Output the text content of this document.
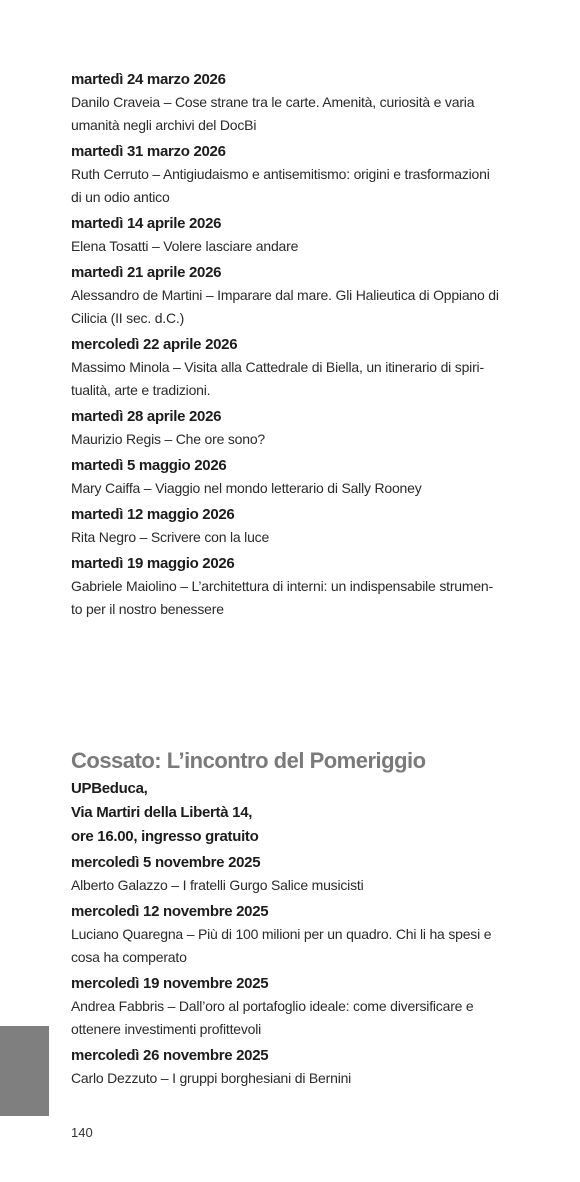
martedì 24 marzo 2026
Danilo Craveia – Cose strane tra le carte. Amenità, curiosità e varia
umanità negli archivi del DocBi
martedì 31 marzo 2026
Ruth Cerruto – Antigiudaismo e antisemitismo: origini e trasformazioni
di un odio antico
martedì 14 aprile 2026
Elena Tosatti – Volere lasciare andare
martedì 21 aprile 2026
Alessandro de Martini – Imparare dal mare. Gli Halieutica di Oppiano di
Cilicia (II sec. d.C.)
mercoledì 22 aprile 2026
Massimo Minola – Visita alla Cattedrale di Biella, un itinerario di spiri-
tualità, arte e tradizioni.
martedì 28 aprile 2026
Maurizio Regis – Che ore sono?
martedì 5 maggio 2026
Mary Caiffa – Viaggio nel mondo letterario di Sally Rooney
martedì 12 maggio 2026
Rita Negro – Scrivere con la luce
martedì 19 maggio 2026
Gabriele Maiolino – L’architettura di interni: un indispensabile strumen-
to per il nostro benessere
Cossato: L’incontro del Pomeriggio
UPBeduca,
Via Martiri della Libertà 14,
ore 16.00, ingresso gratuito
mercoledì 5 novembre 2025
Alberto Galazzo – I fratelli Gurgo Salice musicisti
mercoledì 12 novembre 2025
Luciano Quaregna – Più di 100 milioni per un quadro. Chi li ha spesi e
cosa ha comperato
mercoledì 19 novembre 2025
Andrea Fabbris – Dall’oro al portafoglio ideale: come diversificare e
ottenere investimenti profittevoli
mercoledì 26 novembre 2025
Carlo Dezzuto – I gruppi borghesiani di Bernini
140
